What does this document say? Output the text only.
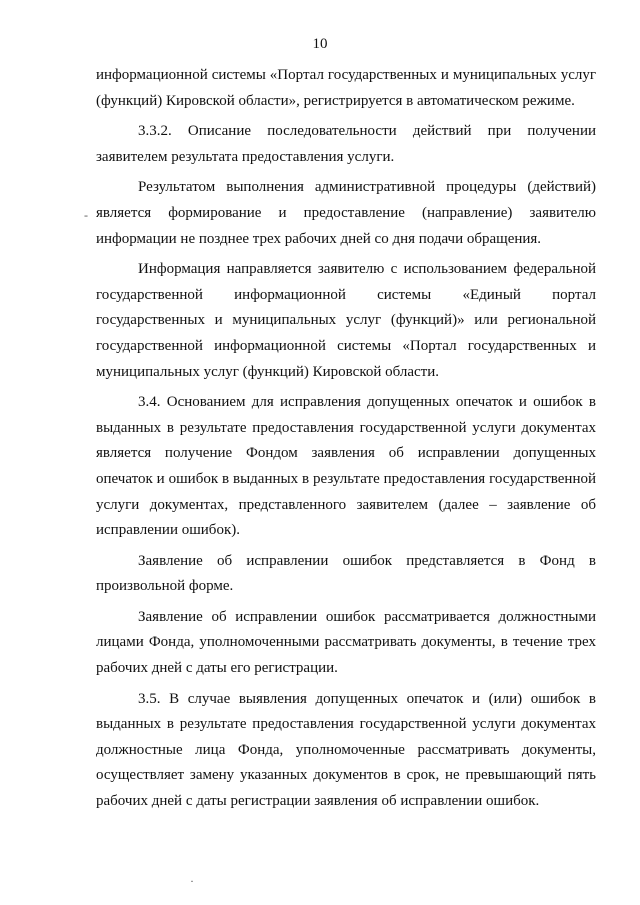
10

информационной системы «Портал государственных и муниципальных услуг (функций) Кировской области», регистрируется в автоматическом режиме.

3.3.2. Описание последовательности действий при получении заявителем результата предоставления услуги.

Результатом выполнения административной процедуры (действий) является формирование и предоставление (направление) заявителю информации не позднее трех рабочих дней со дня подачи обращения.

Информация направляется заявителю с использованием федеральной государственной информационной системы «Единый портал государственных и муниципальных услуг (функций)» или региональной государственной информационной системы «Портал государственных и муниципальных услуг (функций) Кировской области.

3.4. Основанием для исправления допущенных опечаток и ошибок в выданных в результате предоставления государственной услуги документах является получение Фондом заявления об исправлении допущенных опечаток и ошибок в выданных в результате предоставления государственной услуги документах, представленного заявителем (далее – заявление об исправлении ошибок).

Заявление об исправлении ошибок представляется в Фонд в произвольной форме.

Заявление об исправлении ошибок рассматривается должностными лицами Фонда, уполномоченными рассматривать документы, в течение трех рабочих дней с даты его регистрации.

3.5. В случае выявления допущенных опечаток и (или) ошибок в выданных в результате предоставления государственной услуги документах должностные лица Фонда, уполномоченные рассматривать документы, осуществляет замену указанных документов в срок, не превышающий пять рабочих дней с даты регистрации заявления об исправлении ошибок.

-
·
